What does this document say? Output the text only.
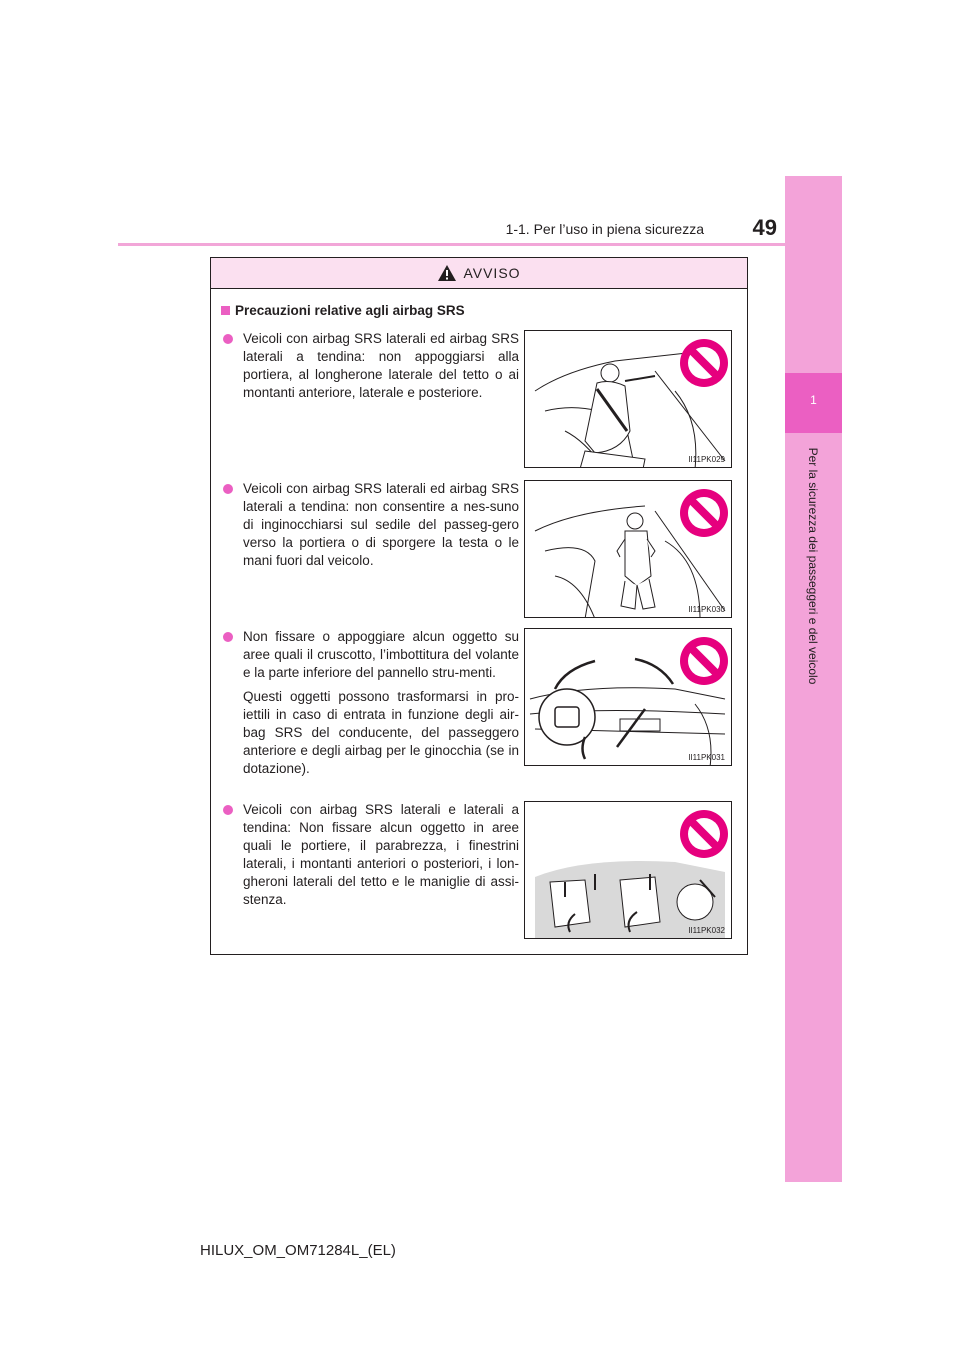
1-1. Per l’uso in piena sicurezza	49
1
Per la sicurezza dei passeggeri e del veicolo
AVVISO
Precauzioni relative agli airbag SRS

Veicoli con airbag SRS laterali ed airbag SRS laterali a tendina: non appoggiarsi alla portiera, al longherone laterale del tetto o ai montanti anteriore, laterale e posteriore.

II11PK029

Veicoli con airbag SRS laterali ed airbag SRS laterali a tendina: non consentire a nes-suno di inginocchiarsi sul sedile del passeg-gero verso la portiera o di sporgere la testa o le mani fuori dal veicolo.

II11PK030

Non fissare o appoggiare alcun oggetto su aree quali il cruscotto, l’imbottitura del volante e la parte inferiore del pannello stru-menti.

Questi oggetti possono trasformarsi in pro-iettili in caso di entrata in funzione degli air-bag SRS del conducente, del passeggero anteriore e degli airbag per le ginocchia (se in dotazione).

II11PK031

Veicoli con airbag SRS laterali e laterali a tendina: Non fissare alcun oggetto in aree quali le portiere, il parabrezza, i finestrini laterali, i montanti anteriori o posteriori, i lon-gheroni laterali del tetto e le maniglie di assi-stenza.

II11PK032
HILUX_OM_OM71284L_(EL)
